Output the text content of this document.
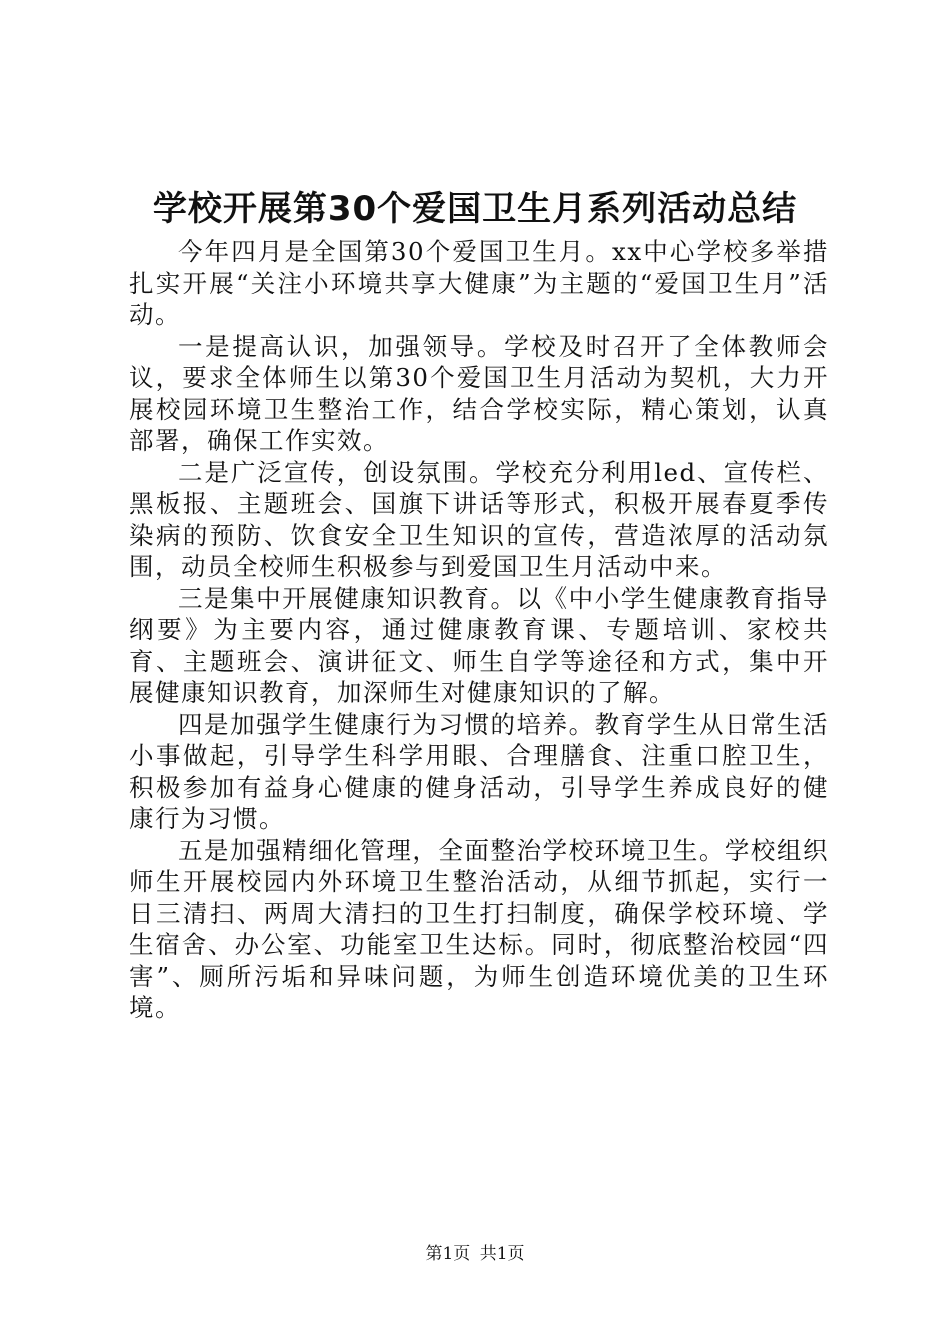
学校开展第30个爱国卫生月系列活动总结

今年四月是全国第30个爱国卫生月。xx中心学校多举措扎实开展“关注小环境共享大健康”为主题的“爱国卫生月”活动。

一是提高认识，加强领导。学校及时召开了全体教师会议，要求全体师生以第30个爱国卫生月活动为契机，大力开展校园环境卫生整治工作，结合学校实际，精心策划，认真部署，确保工作实效。

二是广泛宣传，创设氛围。学校充分利用led、宣传栏、黑板报、主题班会、国旗下讲话等形式，积极开展春夏季传染病的预防、饮食安全卫生知识的宣传，营造浓厚的活动氛围，动员全校师生积极参与到爱国卫生月活动中来。

三是集中开展健康知识教育。以《中小学生健康教育指导纲要》为主要内容，通过健康教育课、专题培训、家校共育、主题班会、演讲征文、师生自学等途径和方式，集中开展健康知识教育，加深师生对健康知识的了解。

四是加强学生健康行为习惯的培养。教育学生从日常生活小事做起，引导学生科学用眼、合理膳食、注重口腔卫生，积极参加有益身心健康的健身活动，引导学生养成良好的健康行为习惯。

五是加强精细化管理，全面整治学校环境卫生。学校组织师生开展校园内外环境卫生整治活动，从细节抓起，实行一日三清扫、两周大清扫的卫生打扫制度，确保学校环境、学生宿舍、办公室、功能室卫生达标。同时，彻底整治校园“四害”、厕所污垢和异味问题，为师生创造环境优美的卫生环境。

第1页 共1页
